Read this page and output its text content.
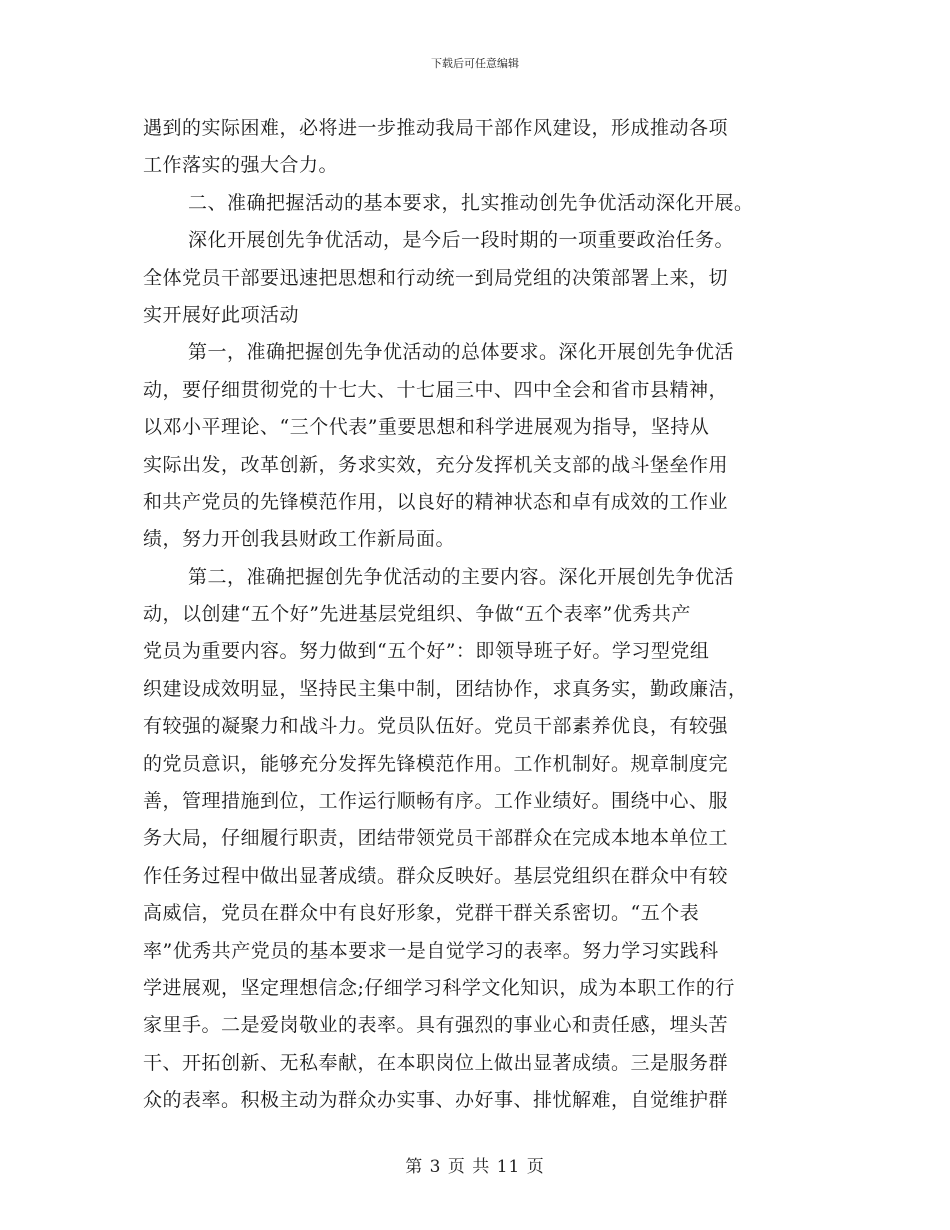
下载后可任意编辑
遇到的实际困难，必将进一步推动我局干部作风建设，形成推动各项
工作落实的强大合力。
二、准确把握活动的基本要求，扎实推动创先争优活动深化开展。
深化开展创先争优活动，是今后一段时期的一项重要政治任务。
全体党员干部要迅速把思想和行动统一到局党组的决策部署上来，切
实开展好此项活动
第一，准确把握创先争优活动的总体要求。深化开展创先争优活
动，要仔细贯彻党的十七大、十七届三中、四中全会和省市县精神，
以邓小平理论、“三个代表”重要思想和科学进展观为指导，坚持从
实际出发，改革创新，务求实效，充分发挥机关支部的战斗堡垒作用
和共产党员的先锋模范作用，以良好的精神状态和卓有成效的工作业
绩，努力开创我县财政工作新局面。
第二，准确把握创先争优活动的主要内容。深化开展创先争优活
动，以创建“五个好”先进基层党组织、争做“五个表率”优秀共产
党员为重要内容。努力做到“五个好”：即领导班子好。学习型党组
织建设成效明显，坚持民主集中制，团结协作，求真务实，勤政廉洁，
有较强的凝聚力和战斗力。党员队伍好。党员干部素养优良，有较强
的党员意识，能够充分发挥先锋模范作用。工作机制好。规章制度完
善，管理措施到位，工作运行顺畅有序。工作业绩好。围绕中心、服
务大局，仔细履行职责，团结带领党员干部群众在完成本地本单位工
作任务过程中做出显著成绩。群众反映好。基层党组织在群众中有较
高威信，党员在群众中有良好形象，党群干群关系密切。“五个表
率”优秀共产党员的基本要求一是自觉学习的表率。努力学习实践科
学进展观，坚定理想信念;仔细学习科学文化知识，成为本职工作的行
家里手。二是爱岗敬业的表率。具有强烈的事业心和责任感，埋头苦
干、开拓创新、无私奉献，在本职岗位上做出显著成绩。三是服务群
众的表率。积极主动为群众办实事、办好事、排忧解难，自觉维护群
第 3 页 共 11 页
